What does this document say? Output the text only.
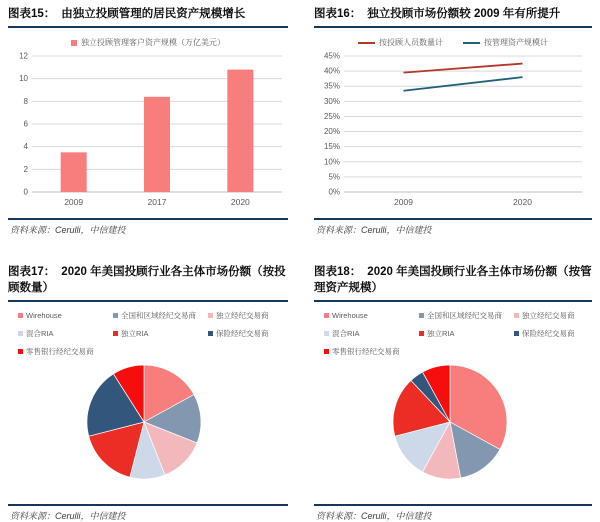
图表15： 由独立投顾管理的居民资产规模增长
独立投顾管理客户资产规模（万亿美元）
0
2
4
6
8
10
12
2009	2017	2020
资料来源：Cerulli，中信建投
图表16： 独立投顾市场份额较 2009 年有所提升
按投顾人员数量计	按管理资产规模计
0%
5%
10%
15%
20%
25%
30%
35%
40%
45%
2009	2020
资料来源：Cerulli，中信建投
图表17： 2020 年美国投顾行业各主体市场份额（按投顾数量）
Wirehouse	全国和区域经纪交易商	独立经纪交易商
混合RIA	独立RIA	保险经纪交易商
零售银行经纪交易商
资料来源：Cerulli，中信建投
图表18： 2020 年美国投顾行业各主体市场份额（按管理资产规模）
Wirehouse	全国和区域经纪交易商	独立经纪交易商
混合RIA	独立RIA	保险经纪交易商
零售银行经纪交易商
资料来源：Cerulli，中信建投
